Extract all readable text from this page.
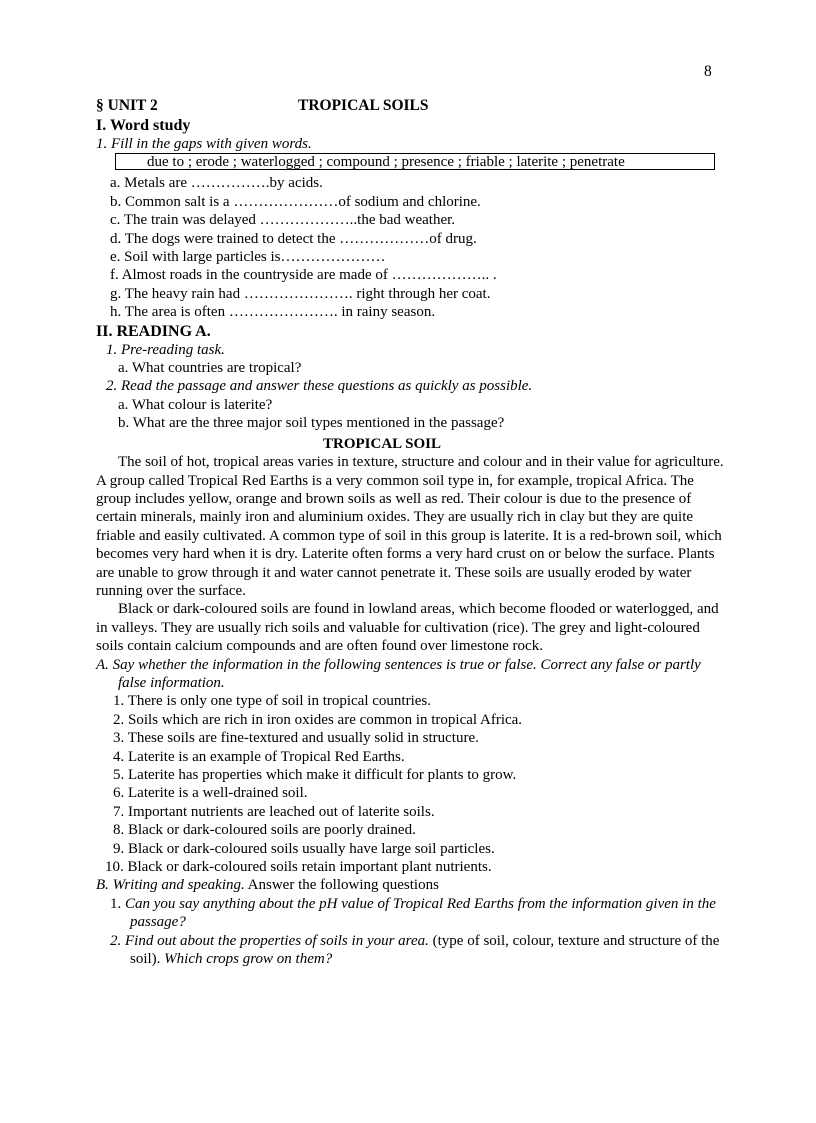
8
§ UNIT 2	TROPICAL SOILS
I. Word study
1. Fill in the gaps with given words.
due to ; erode ; waterlogged ; compound ; presence ; friable ; laterite ; penetrate
a. Metals are …………….by acids.
b. Common salt is a …………………of sodium and chlorine.
c. The train was delayed ………………..the bad weather.
d. The dogs were trained to detect the ………………of drug.
e. Soil with large particles is…………………
f. Almost roads in the countryside are made of ……………….. .
g. The heavy rain had …………………. right through her coat.
h. The area is often …………………. in rainy season.
II. READING A.
1. Pre-reading task.
a. What countries are tropical?
2. Read the passage and answer these questions as quickly as possible.
a. What colour is laterite?
b. What are the three major soil types mentioned in the passage?
TROPICAL SOIL

The soil of hot, tropical areas varies in texture, structure and colour and in their value for agriculture. A group called Tropical Red Earths is a very common soil type in, for example, tropical Africa. The group includes yellow, orange and brown soils as well as red. Their colour is due to the presence of certain minerals, mainly iron and aluminium oxides. They are usually rich in clay but they are quite friable and easily cultivated. A common type of soil in this group is laterite. It is a red-brown soil, which becomes very hard when it is dry. Laterite often forms a very hard crust on or below the surface. Plants are unable to grow through it and water cannot penetrate it. These soils are usually eroded by water running over the surface.

Black or dark-coloured soils are found in lowland areas, which become flooded or waterlogged, and in valleys. They are usually rich soils and valuable for cultivation (rice). The grey and light-coloured soils contain calcium compounds and are often found over limestone rock.

A. Say whether the information in the following sentences is true or false. Correct any false or partly false information.

1. There is only one type of soil in tropical countries.
2. Soils which are rich in iron oxides are common in tropical Africa.
3. These soils are fine-textured and usually solid in structure.
4. Laterite is an example of Tropical Red Earths.
5. Laterite has properties which make it difficult for plants to grow.
6. Laterite is a well-drained soil.
7. Important nutrients are leached out of laterite soils.
8. Black or dark-coloured soils are poorly drained.
9. Black or dark-coloured soils usually have large soil particles.
10. Black or dark-coloured soils retain important plant nutrients.
B. Writing and speaking. Answer the following questions
1. Can you say anything about the pH value of Tropical Red Earths from the information given in the passage?
2. Find out about the properties of soils in your area. (type of soil, colour, texture and structure of the soil). Which crops grow on them?
